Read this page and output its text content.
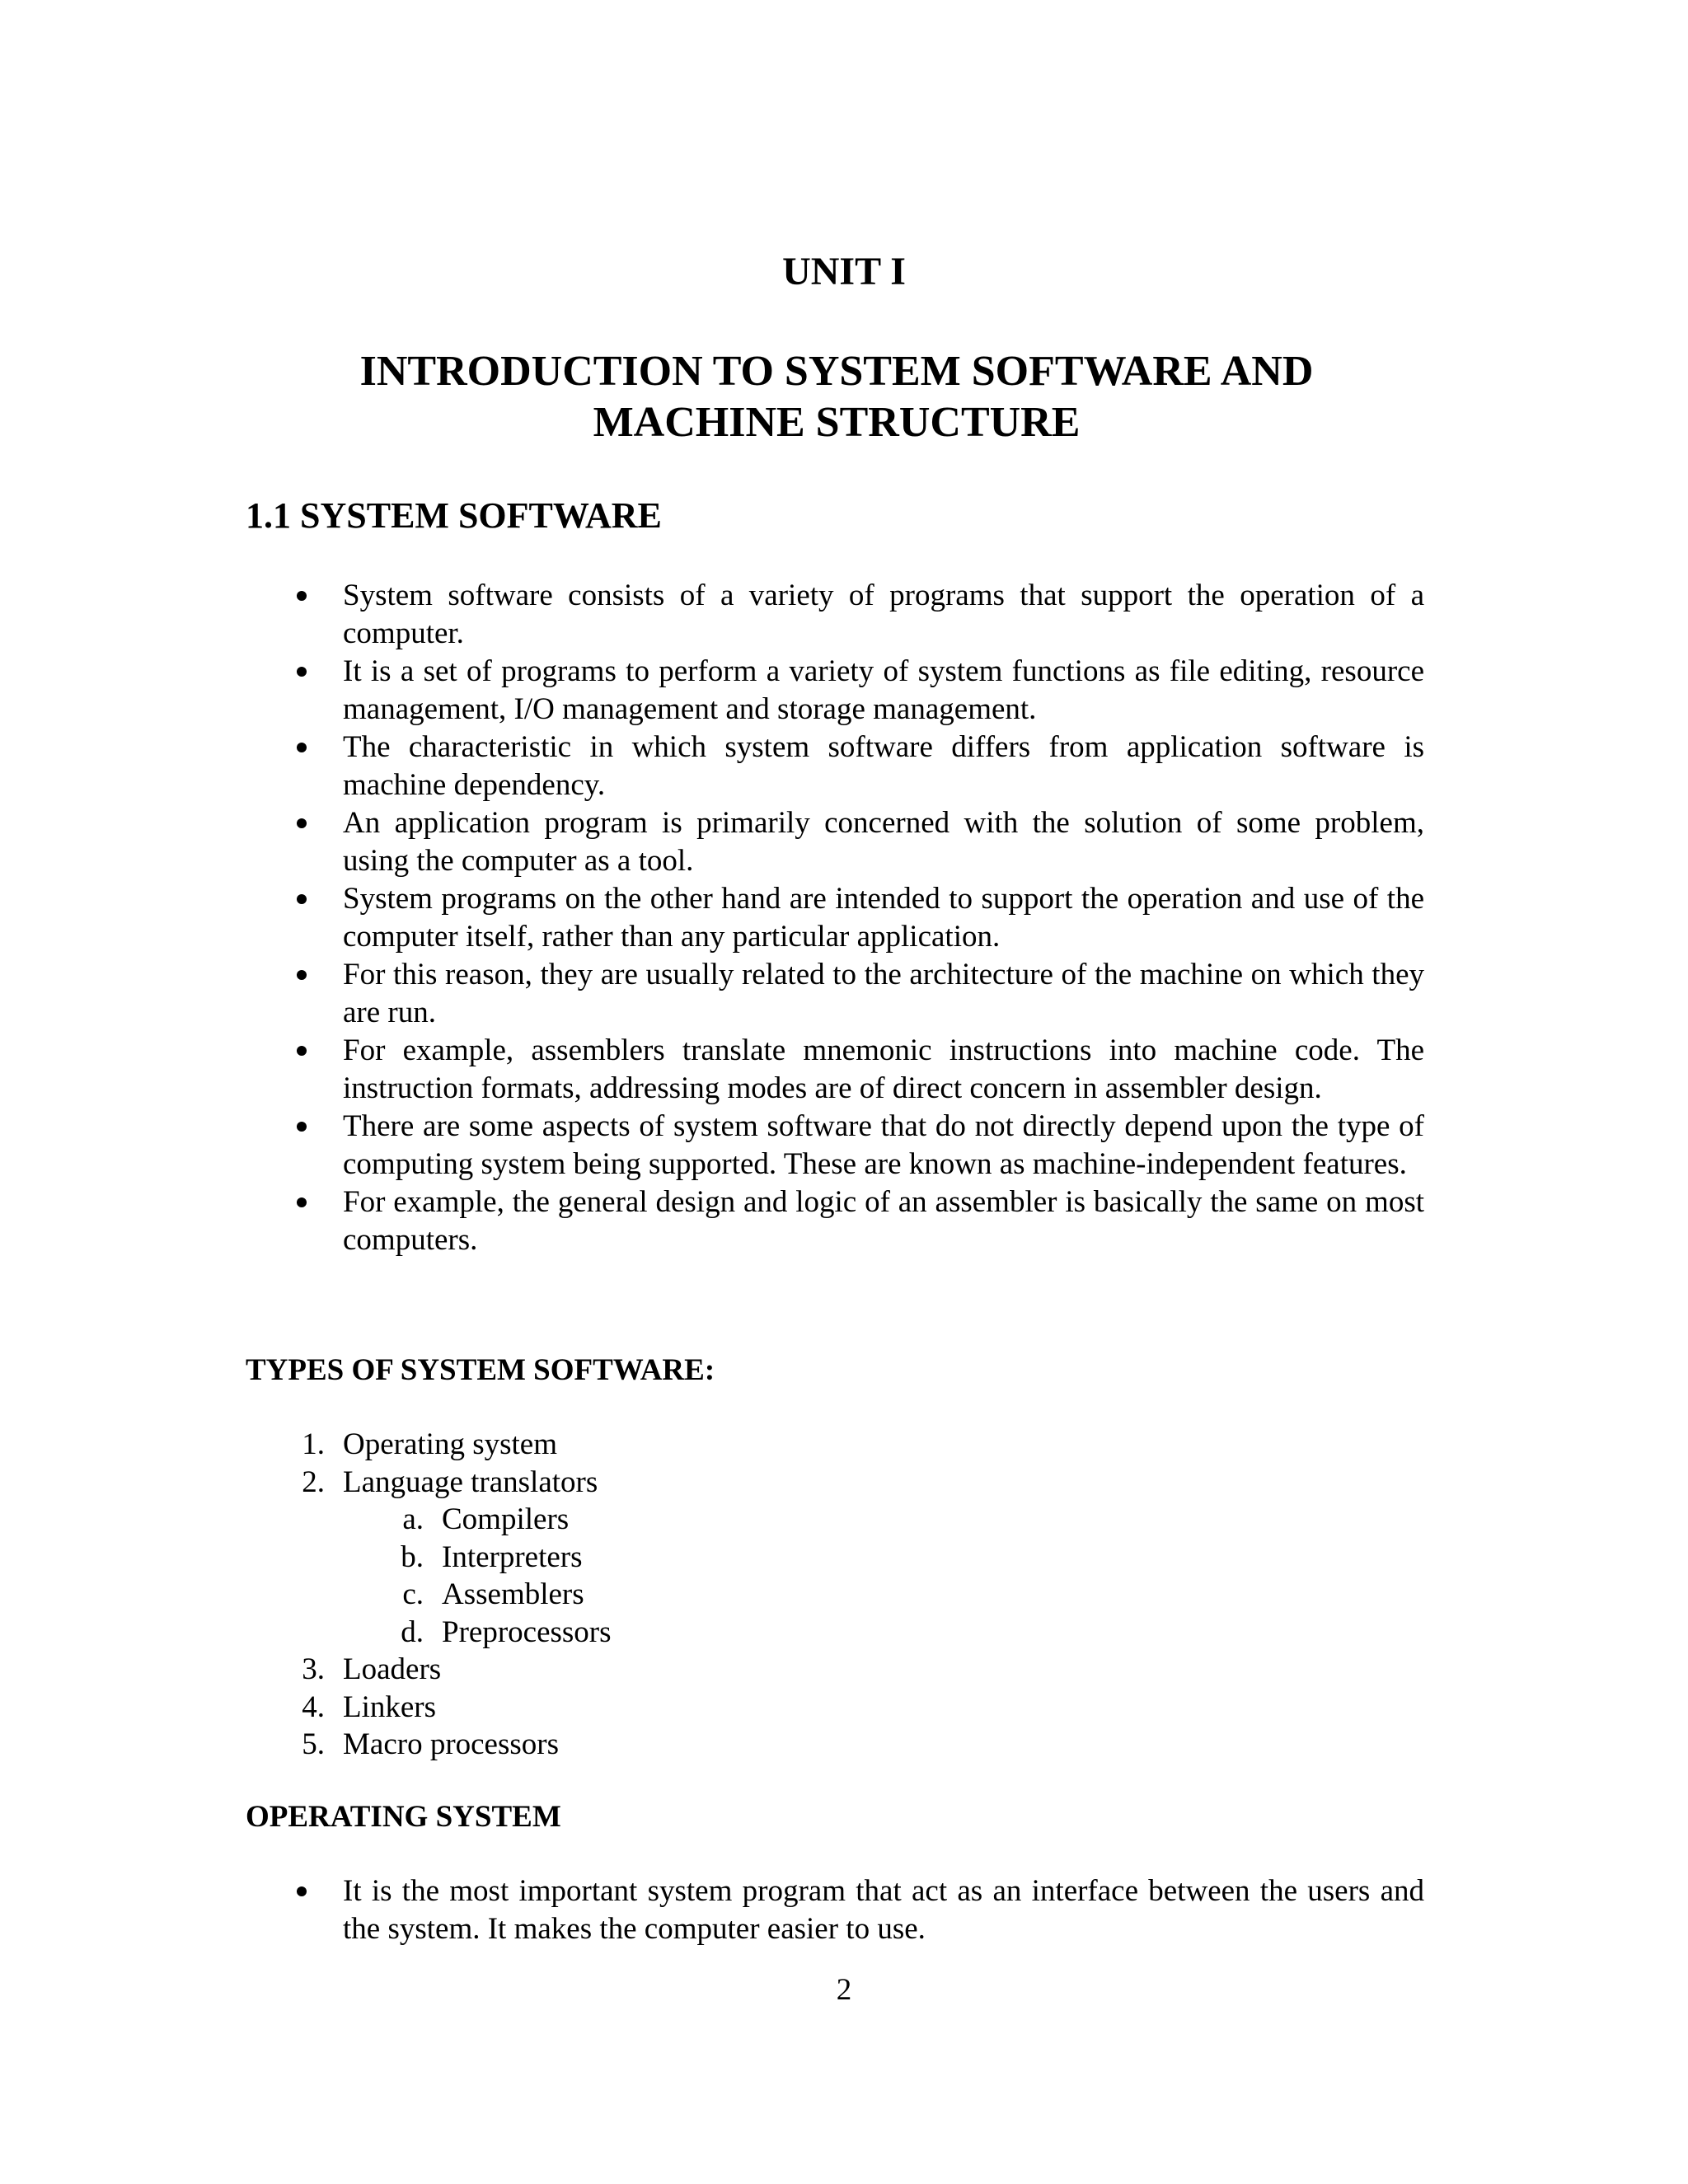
UNIT I
INTRODUCTION TO SYSTEM SOFTWARE AND
MACHINE STRUCTURE
1.1 SYSTEM SOFTWARE
System software consists of a variety of programs that support the operation of a computer.
It is a set of programs to perform a variety of system functions as file editing, resource management, I/O management and storage management.
The characteristic in which system software differs from application software is machine dependency.
An application program is primarily concerned with the solution of some problem, using the computer as a tool.
System programs on the other hand are intended to support the operation and use of the computer itself, rather than any particular application.
For this reason, they are usually related to the architecture of the machine on which they are run.
For example, assemblers translate mnemonic instructions into machine code. The instruction formats, addressing modes are of direct concern in assembler design.
There are some aspects of system software that do not directly depend upon the type of computing system being supported. These are known as machine-independent features.
For example, the general design and logic of an assembler is basically the same on most computers.
TYPES OF SYSTEM SOFTWARE:
1. Operating system
2. Language translators
a. Compilers
b. Interpreters
c. Assemblers
d. Preprocessors
3. Loaders
4. Linkers
5. Macro processors
OPERATING SYSTEM
It is the most important system program that act as an interface between the users and the system. It makes the computer easier to use.

2
